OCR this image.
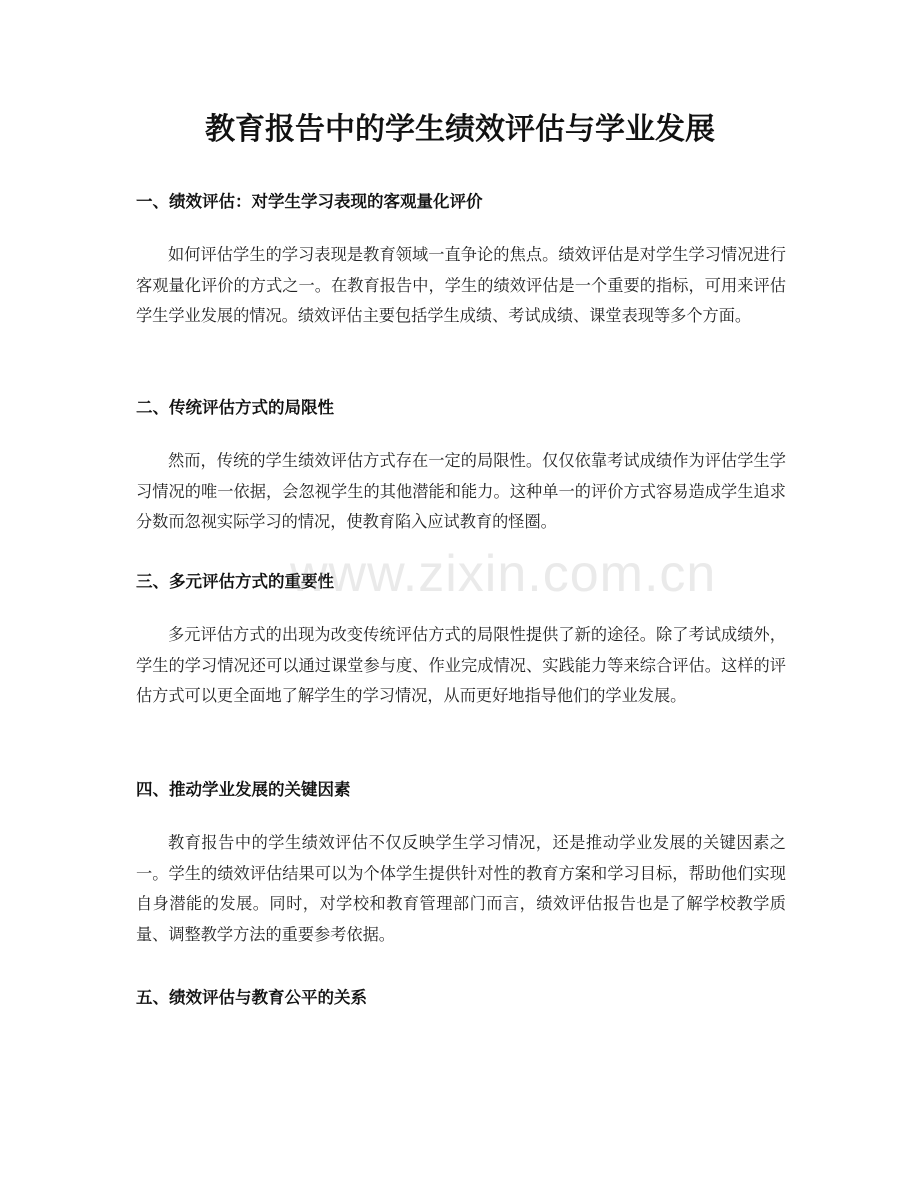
教育报告中的学生绩效评估与学业发展
一、绩效评估：对学生学习表现的客观量化评价

如何评估学生的学习表现是教育领域一直争论的焦点。绩效评估是对学生学习情况进行客观量化评价的方式之一。在教育报告中，学生的绩效评估是一个重要的指标，可用来评估学生学业发展的情况。绩效评估主要包括学生成绩、考试成绩、课堂表现等多个方面。

二、传统评估方式的局限性

然而，传统的学生绩效评估方式存在一定的局限性。仅仅依靠考试成绩作为评估学生学习情况的唯一依据，会忽视学生的其他潜能和能力。这种单一的评价方式容易造成学生追求分数而忽视实际学习的情况，使教育陷入应试教育的怪圈。

三、多元评估方式的重要性

多元评估方式的出现为改变传统评估方式的局限性提供了新的途径。除了考试成绩外，学生的学习情况还可以通过课堂参与度、作业完成情况、实践能力等来综合评估。这样的评估方式可以更全面地了解学生的学习情况，从而更好地指导他们的学业发展。

四、推动学业发展的关键因素

教育报告中的学生绩效评估不仅反映学生学习情况，还是推动学业发展的关键因素之一。学生的绩效评估结果可以为个体学生提供针对性的教育方案和学习目标，帮助他们实现自身潜能的发展。同时，对学校和教育管理部门而言，绩效评估报告也是了解学校教学质量、调整教学方法的重要参考依据。

五、绩效评估与教育公平的关系
www.zixin.com.cn
